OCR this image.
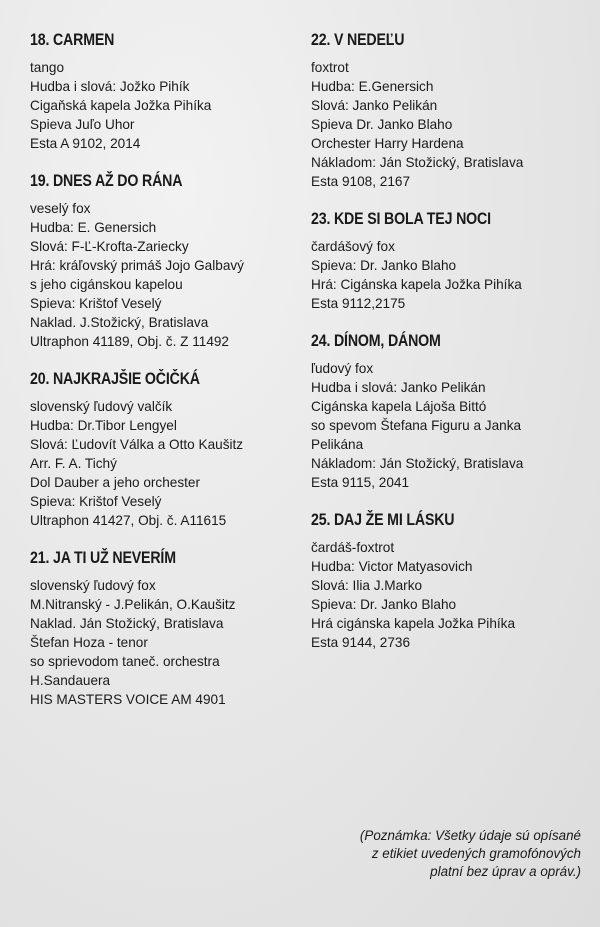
18. CARMEN
tango
Hudba i slová: Jožko Pihík
Cigaňská kapela Jožka Pihíka
Spieva Juľo Uhor
Esta A 9102, 2014
19. DNES AŽ DO RÁNA
veselý fox
Hudba: E. Genersich
Slová: F-Ľ-Krofta-Zariecky
Hrá: kráľovský primáš Jojo Galbavý
s jeho cigánskou kapelou
Spieva: Krištof Veselý
Naklad. J.Stožický, Bratislava
Ultraphon 41189, Obj. č. Z 11492
20. NAJKRAJŠIE OČIČKÁ
slovenský ľudový valčík
Hudba: Dr.Tibor Lengyel
Slová: Ľudovít Válka a Otto Kaušitz
Arr. F. A. Tichý
Dol Dauber a jeho orchester
Spieva: Krištof Veselý
Ultraphon 41427, Obj. č. A11615
21. JA TI UŽ NEVERÍM
slovenský ľudový fox
M.Nitranský - J.Pelikán, O.Kaušitz
Naklad. Ján Stožický, Bratislava
Štefan Hoza - tenor
so sprievodom taneč. orchestra
H.Sandauera
HIS MASTERS VOICE AM 4901
22. V NEDEĽU
foxtrot
Hudba: E.Genersich
Slová: Janko Pelikán
Spieva Dr. Janko Blaho
Orchester Harry Hardena
Nákladom: Ján Stožický, Bratislava
Esta 9108, 2167
23. KDE SI BOLA TEJ NOCI
čardášový fox
Spieva: Dr. Janko Blaho
Hrá: Cigánska kapela Jožka Pihíka
Esta 9112,2175
24. DÍNOM, DÁNOM
ľudový fox
Hudba i slová: Janko Pelikán
Cigánska kapela Lájoša Bittó
so spevom Štefana Figuru a Janka
Pelikána
Nákladom: Ján Stožický, Bratislava
Esta 9115, 2041
25. DAJ ŽE MI LÁSKU
čardáš-foxtrot
Hudba: Victor Matyasovich
Slová: Ilia J.Marko
Spieva: Dr. Janko Blaho
Hrá cigánska kapela Jožka Pihíka
Esta 9144, 2736
(Poznámka: Všetky údaje sú opísané
z etikiet uvedených gramofónových
platní bez úprav a opráv.)
